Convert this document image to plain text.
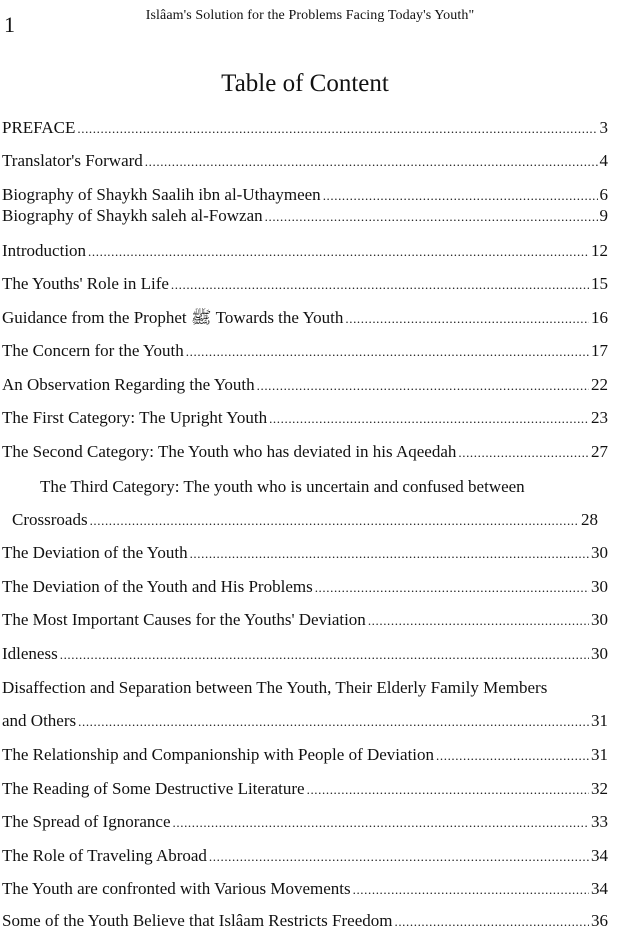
1	Islâam's Solution for the Problems Facing Today's Youth"
Table of Content
PREFACE .....	3
Translator's Forward .....	4
Biography of Shaykh Saalih ibn al-Uthaymeen .....	6
Biography of Shaykh saleh al-Fowzan .....	9
Introduction .....	12
The Youths' Role in Life .....	15
Guidance from the Prophet ﷺ Towards the Youth .....	16
The Concern for the Youth .....	17
An Observation Regarding the Youth .....	22
The First Category: The Upright Youth .....	23
The Second Category: The Youth who has deviated in his Aqeedah .....	27
The Third Category: The youth who is uncertain and confused between
Crossroads .....	28
The Deviation of the Youth .....	30
The Deviation of the Youth and His Problems .....	30
The Most Important Causes for the Youths' Deviation .....	30
Idleness .....	30
Disaffection and Separation between The Youth, Their Elderly Family Members
and Others .....	31
The Relationship and Companionship with People of Deviation .....	31
The Reading of Some Destructive Literature .....	32
The Spread of Ignorance .....	33
The Role of Traveling Abroad .....	34
The Youth are confronted with Various Movements .....	34
Some of the Youth Believe that Islâam Restricts Freedom .....	36
